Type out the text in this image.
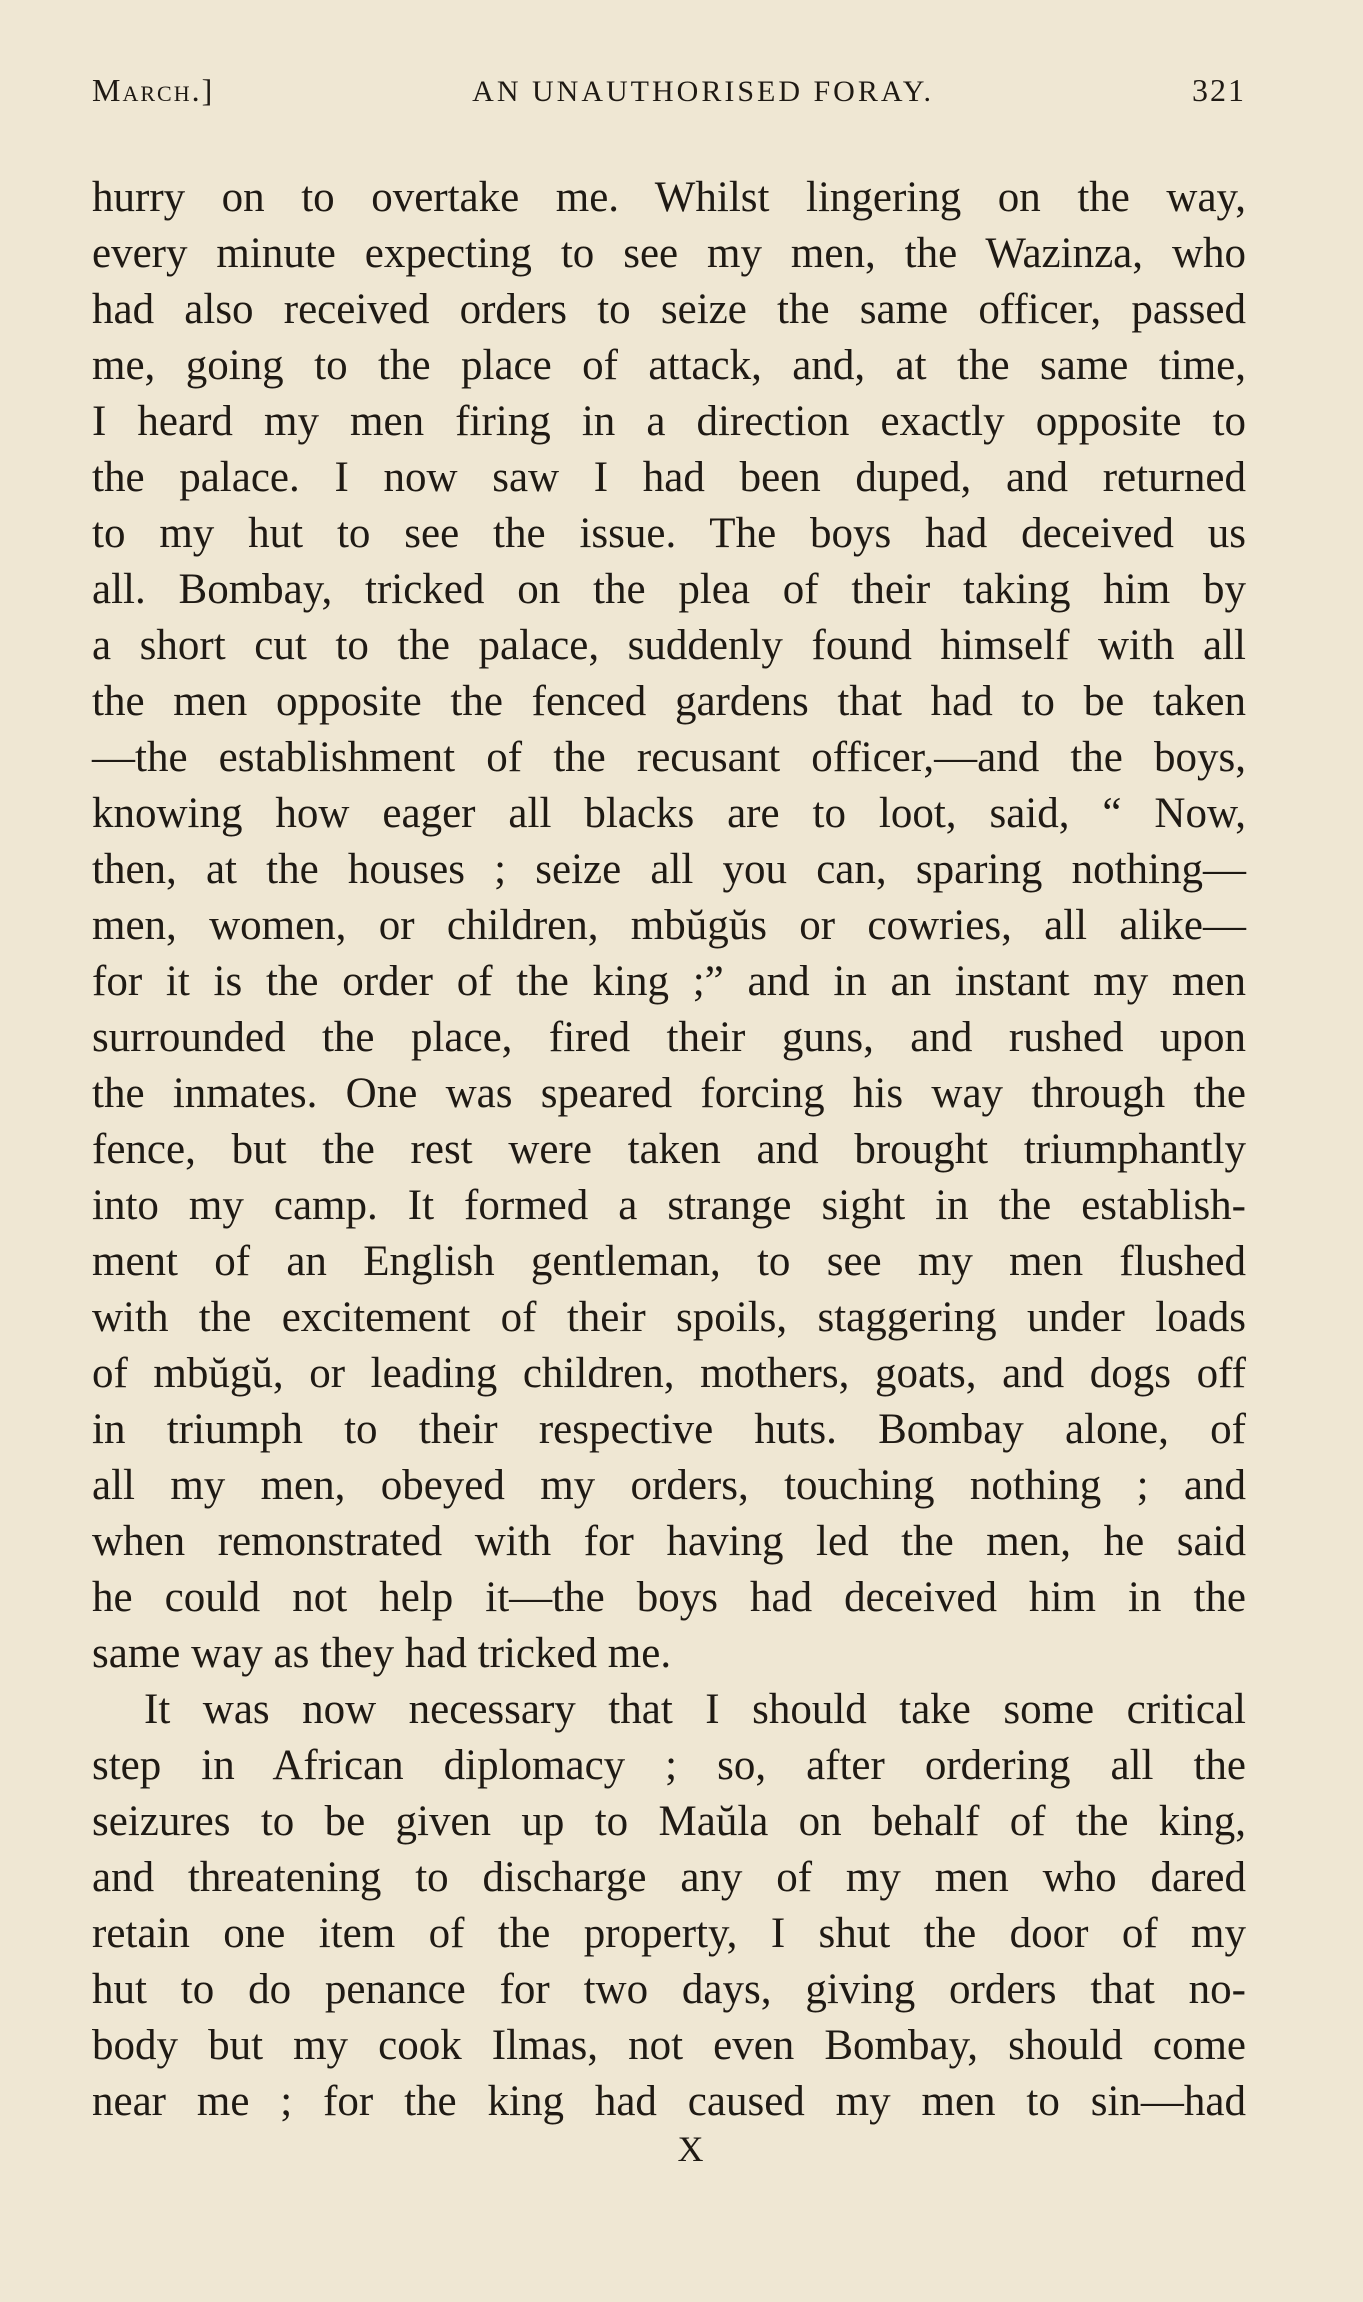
March.]	AN UNAUTHORISED FORAY.	321
hurry on to overtake me. Whilst lingering on the way,
every minute expecting to see my men, the Wazinza, who
had also received orders to seize the same officer, passed
me, going to the place of attack, and, at the same time,
I heard my men firing in a direction exactly opposite to
the palace. I now saw I had been duped, and returned
to my hut to see the issue. The boys had deceived us
all. Bombay, tricked on the plea of their taking him by
a short cut to the palace, suddenly found himself with all
the men opposite the fenced gardens that had to be taken
—the establishment of the recusant officer,—and the boys,
knowing how eager all blacks are to loot, said, “ Now,
then, at the houses ; seize all you can, sparing nothing—
men, women, or children, mbŭgŭs or cowries, all alike—
for it is the order of the king ;” and in an instant my men
surrounded the place, fired their guns, and rushed upon
the inmates. One was speared forcing his way through the
fence, but the rest were taken and brought triumphantly
into my camp. It formed a strange sight in the establish-
ment of an English gentleman, to see my men flushed
with the excitement of their spoils, staggering under loads
of mbŭgŭ, or leading children, mothers, goats, and dogs off
in triumph to their respective huts. Bombay alone, of
all my men, obeyed my orders, touching nothing ; and
when remonstrated with for having led the men, he said
he could not help it—the boys had deceived him in the
same way as they had tricked me.
It was now necessary that I should take some critical
step in African diplomacy ; so, after ordering all the
seizures to be given up to Maŭla on behalf of the king,
and threatening to discharge any of my men who dared
retain one item of the property, I shut the door of my
hut to do penance for two days, giving orders that no-
body but my cook Ilmas, not even Bombay, should come
near me ; for the king had caused my men to sin—had
X
